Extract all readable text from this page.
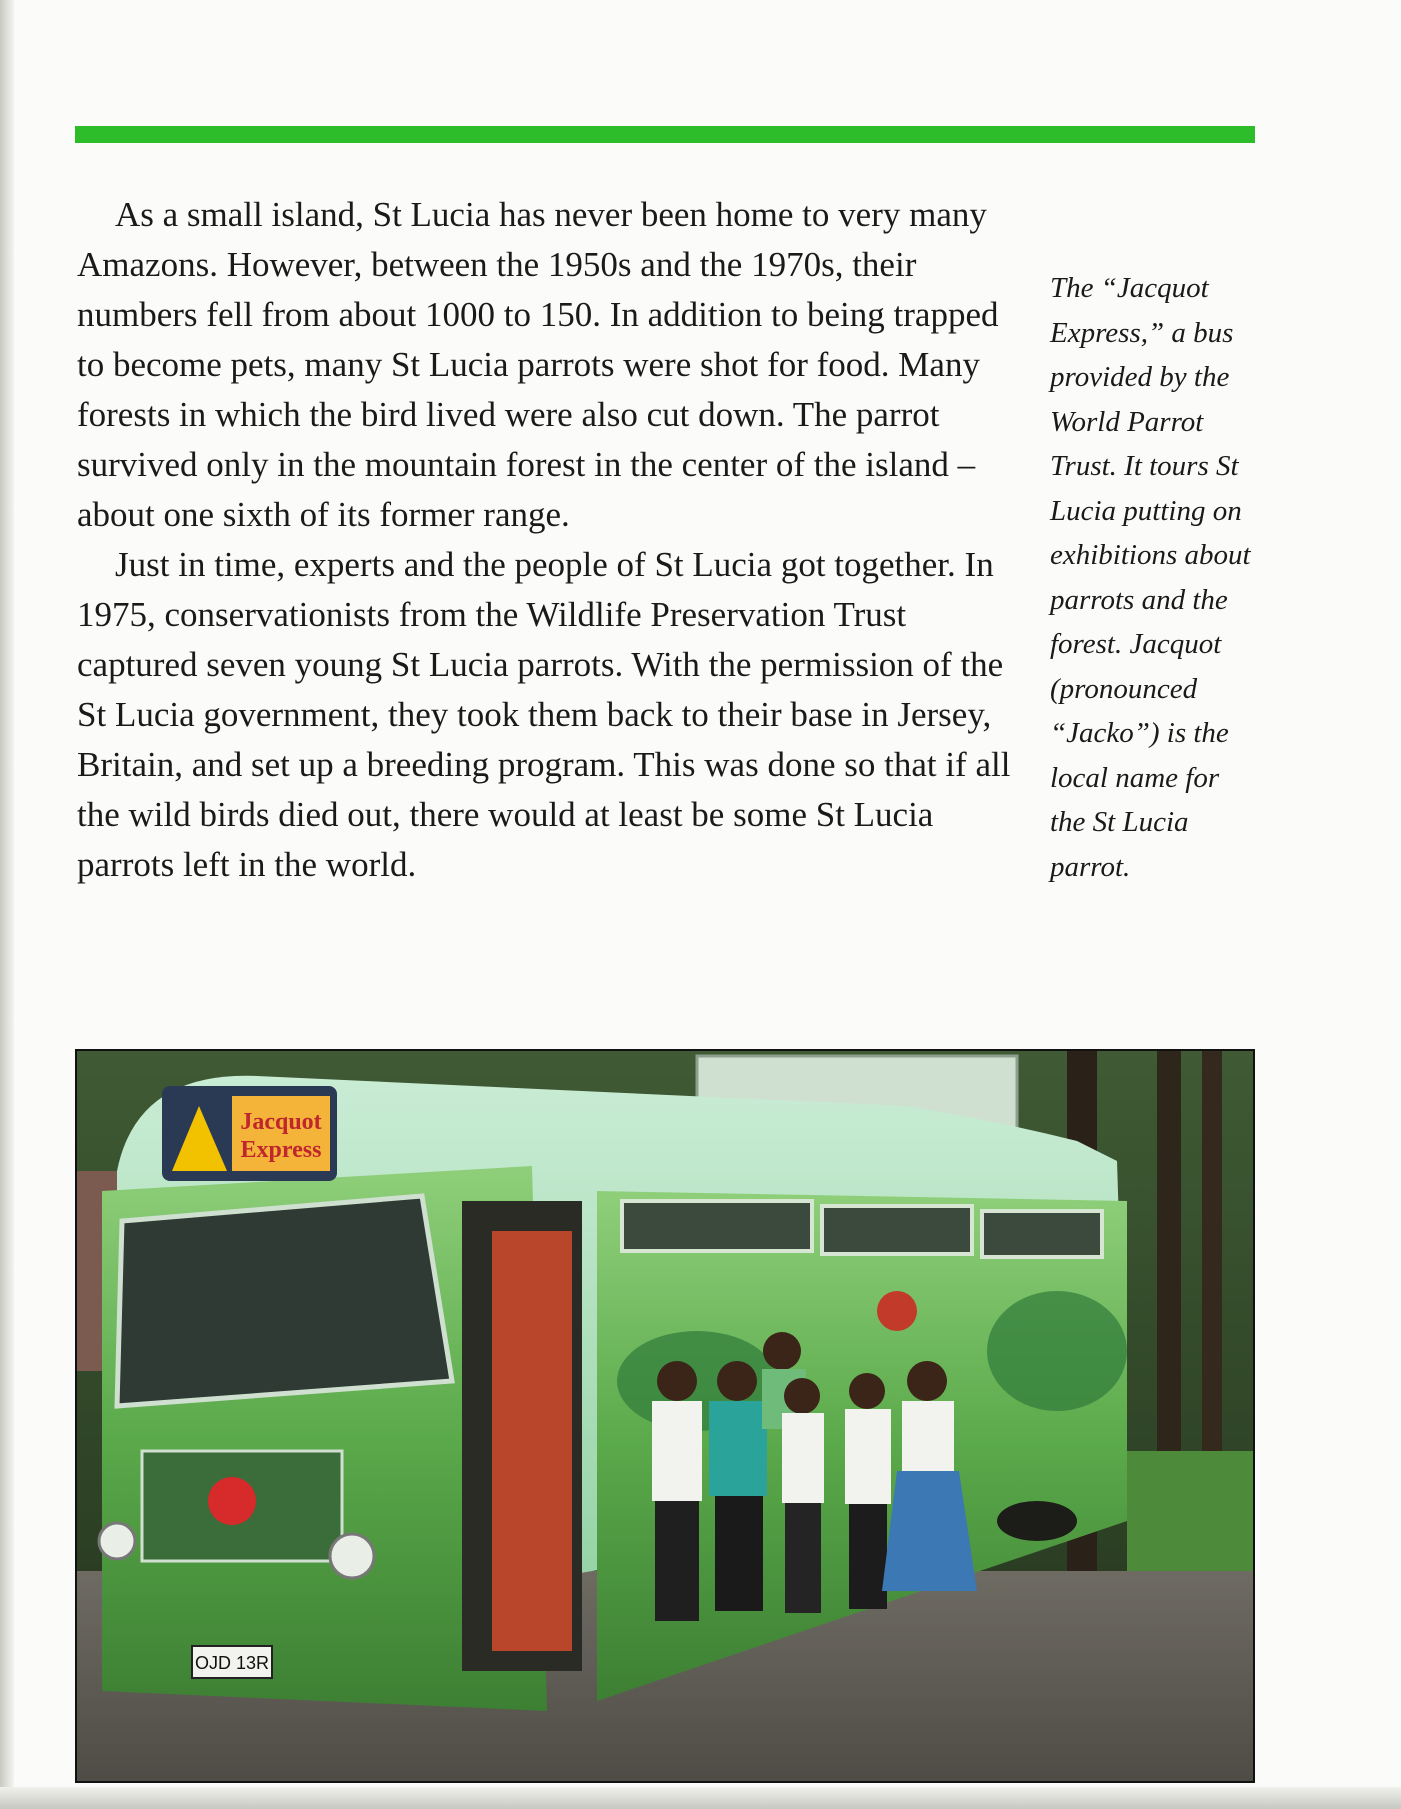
As a small island, St Lucia has never been home to very many Amazons. However, between the 1950s and the 1970s, their numbers fell from about 1000 to 150. In addition to being trapped to become pets, many St Lucia parrots were shot for food. Many forests in which the bird lived were also cut down. The parrot survived only in the mountain forest in the center of the island – about one sixth of its former range.

Just in time, experts and the people of St Lucia got together. In 1975, conservationists from the Wildlife Preservation Trust captured seven young St Lucia parrots. With the permission of the St Lucia government, they took them back to their base in Jersey, Britain, and set up a breeding program. This was done so that if all the wild birds died out, there would at least be some St Lucia parrots left in the world.

The “Jacquot Express,” a bus provided by the World Parrot Trust. It tours St Lucia putting on exhibitions about parrots and the forest. Jacquot (pronounced “Jacko”) is the local name for the St Lucia parrot.

Jacquot
Express
OJD 13R
